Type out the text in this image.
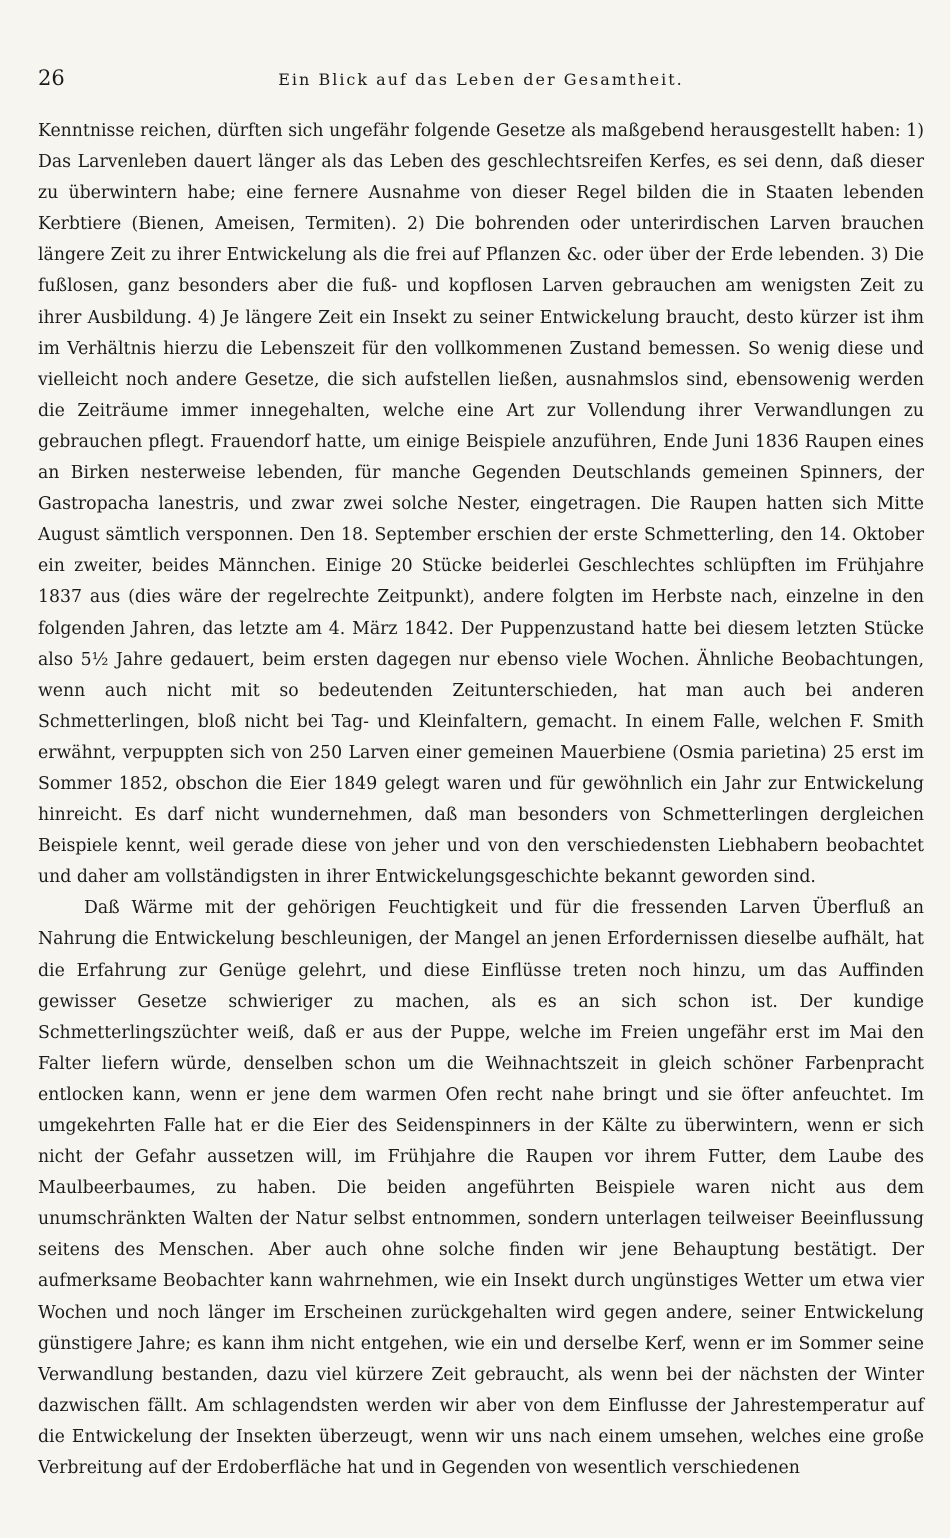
26	Ein Blick auf das Leben der Gesamtheit.

Kenntnisse reichen, dürften sich ungefähr folgende Gesetze als maßgebend herausgestellt haben: 1) Das Larvenleben dauert länger als das Leben des geschlechtsreifen Kerfes, es sei denn, daß dieser zu überwintern habe; eine fernere Ausnahme von dieser Regel bilden die in Staaten lebenden Kerbtiere (Bienen, Ameisen, Termiten). 2) Die bohrenden oder unterirdischen Larven brauchen längere Zeit zu ihrer Entwickelung als die frei auf Pflanzen &c. oder über der Erde lebenden. 3) Die fußlosen, ganz besonders aber die fuß- und kopflosen Larven gebrauchen am wenigsten Zeit zu ihrer Ausbildung. 4) Je längere Zeit ein Insekt zu seiner Entwickelung braucht, desto kürzer ist ihm im Verhältnis hierzu die Lebenszeit für den vollkommenen Zustand bemessen. So wenig diese und vielleicht noch andere Gesetze, die sich aufstellen ließen, ausnahmslos sind, ebensowenig werden die Zeiträume immer innegehalten, welche eine Art zur Vollendung ihrer Verwandlungen zu gebrauchen pflegt. Frauendorf hatte, um einige Beispiele anzuführen, Ende Juni 1836 Raupen eines an Birken nesterweise lebenden, für manche Gegenden Deutschlands gemeinen Spinners, der Gastropacha lanestris, und zwar zwei solche Nester, eingetragen. Die Raupen hatten sich Mitte August sämtlich versponnen. Den 18. September erschien der erste Schmetterling, den 14. Oktober ein zweiter, beides Männchen. Einige 20 Stücke beiderlei Geschlechtes schlüpften im Frühjahre 1837 aus (dies wäre der regelrechte Zeitpunkt), andere folgten im Herbste nach, einzelne in den folgenden Jahren, das letzte am 4. März 1842. Der Puppenzustand hatte bei diesem letzten Stücke also 5½ Jahre gedauert, beim ersten dagegen nur ebenso viele Wochen. Ähnliche Beobachtungen, wenn auch nicht mit so bedeutenden Zeitunterschieden, hat man auch bei anderen Schmetterlingen, bloß nicht bei Tag- und Kleinfaltern, gemacht. In einem Falle, welchen F. Smith erwähnt, verpuppten sich von 250 Larven einer gemeinen Mauerbiene (Osmia parietina) 25 erst im Sommer 1852, obschon die Eier 1849 gelegt waren und für gewöhnlich ein Jahr zur Entwickelung hinreicht. Es darf nicht wundernehmen, daß man besonders von Schmetterlingen dergleichen Beispiele kennt, weil gerade diese von jeher und von den verschiedensten Liebhabern beobachtet und daher am vollständigsten in ihrer Entwickelungsgeschichte bekannt geworden sind.

Daß Wärme mit der gehörigen Feuchtigkeit und für die fressenden Larven Überfluß an Nahrung die Entwickelung beschleunigen, der Mangel an jenen Erfordernissen dieselbe aufhält, hat die Erfahrung zur Genüge gelehrt, und diese Einflüsse treten noch hinzu, um das Auffinden gewisser Gesetze schwieriger zu machen, als es an sich schon ist. Der kundige Schmetterlingszüchter weiß, daß er aus der Puppe, welche im Freien ungefähr erst im Mai den Falter liefern würde, denselben schon um die Weihnachtszeit in gleich schöner Farbenpracht entlocken kann, wenn er jene dem warmen Ofen recht nahe bringt und sie öfter anfeuchtet. Im umgekehrten Falle hat er die Eier des Seidenspinners in der Kälte zu überwintern, wenn er sich nicht der Gefahr aussetzen will, im Frühjahre die Raupen vor ihrem Futter, dem Laube des Maulbeerbaumes, zu haben. Die beiden angeführten Beispiele waren nicht aus dem unumschränkten Walten der Natur selbst entnommen, sondern unterlagen teilweiser Beeinflussung seitens des Menschen. Aber auch ohne solche finden wir jene Behauptung bestätigt. Der aufmerksame Beobachter kann wahrnehmen, wie ein Insekt durch ungünstiges Wetter um etwa vier Wochen und noch länger im Erscheinen zurückgehalten wird gegen andere, seiner Entwickelung günstigere Jahre; es kann ihm nicht entgehen, wie ein und derselbe Kerf, wenn er im Sommer seine Verwandlung bestanden, dazu viel kürzere Zeit gebraucht, als wenn bei der nächsten der Winter dazwischen fällt. Am schlagendsten werden wir aber von dem Einflusse der Jahrestemperatur auf die Entwickelung der Insekten überzeugt, wenn wir uns nach einem umsehen, welches eine große Verbreitung auf der Erdoberfläche hat und in Gegenden von wesentlich verschiedenen
